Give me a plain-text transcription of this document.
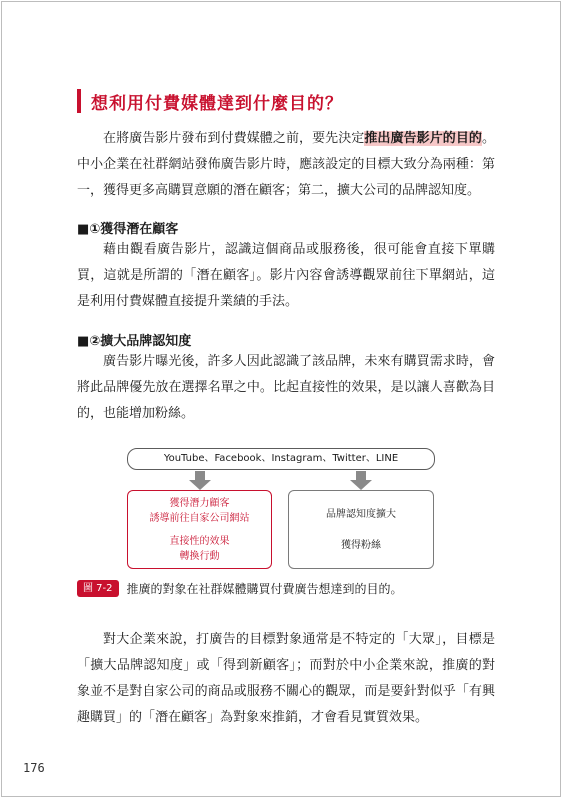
想利用付費媒體達到什麼目的？

在將廣告影片發布到付費媒體之前，要先決定推出廣告影片的目的。中小企業在社群網站發佈廣告影片時，應該設定的目標大致分為兩種：第一，獲得更多高購買意願的潛在顧客；第二，擴大公司的品牌認知度。

■①獲得潛在顧客

藉由觀看廣告影片，認識這個商品或服務後，很可能會直接下單購買，這就是所謂的「潛在顧客」。影片內容會誘導觀眾前往下單網站，這是利用付費媒體直接提升業績的手法。

■②擴大品牌認知度

廣告影片曝光後，許多人因此認識了該品牌，未來有購買需求時，會將此品牌優先放在選擇名單之中。比起直接性的效果，是以讓人喜歡為目的，也能增加粉絲。

YouTube、Facebook、Instagram、Twitter、LINE
獲得潛力顧客
誘導前往自家公司網站
直接性的效果
轉換行動
品牌認知度擴大
獲得粉絲
圖 7-2	推廣的對象在社群媒體購買付費廣告想達到的目的。

對大企業來說，打廣告的目標對象通常是不特定的「大眾」，目標是「擴大品牌認知度」或「得到新顧客」；而對於中小企業來說，推廣的對象並不是對自家公司的商品或服務不關心的觀眾，而是要針對似乎「有興趣購買」的「潛在顧客」為對象來推銷，才會看見實質效果。

176
